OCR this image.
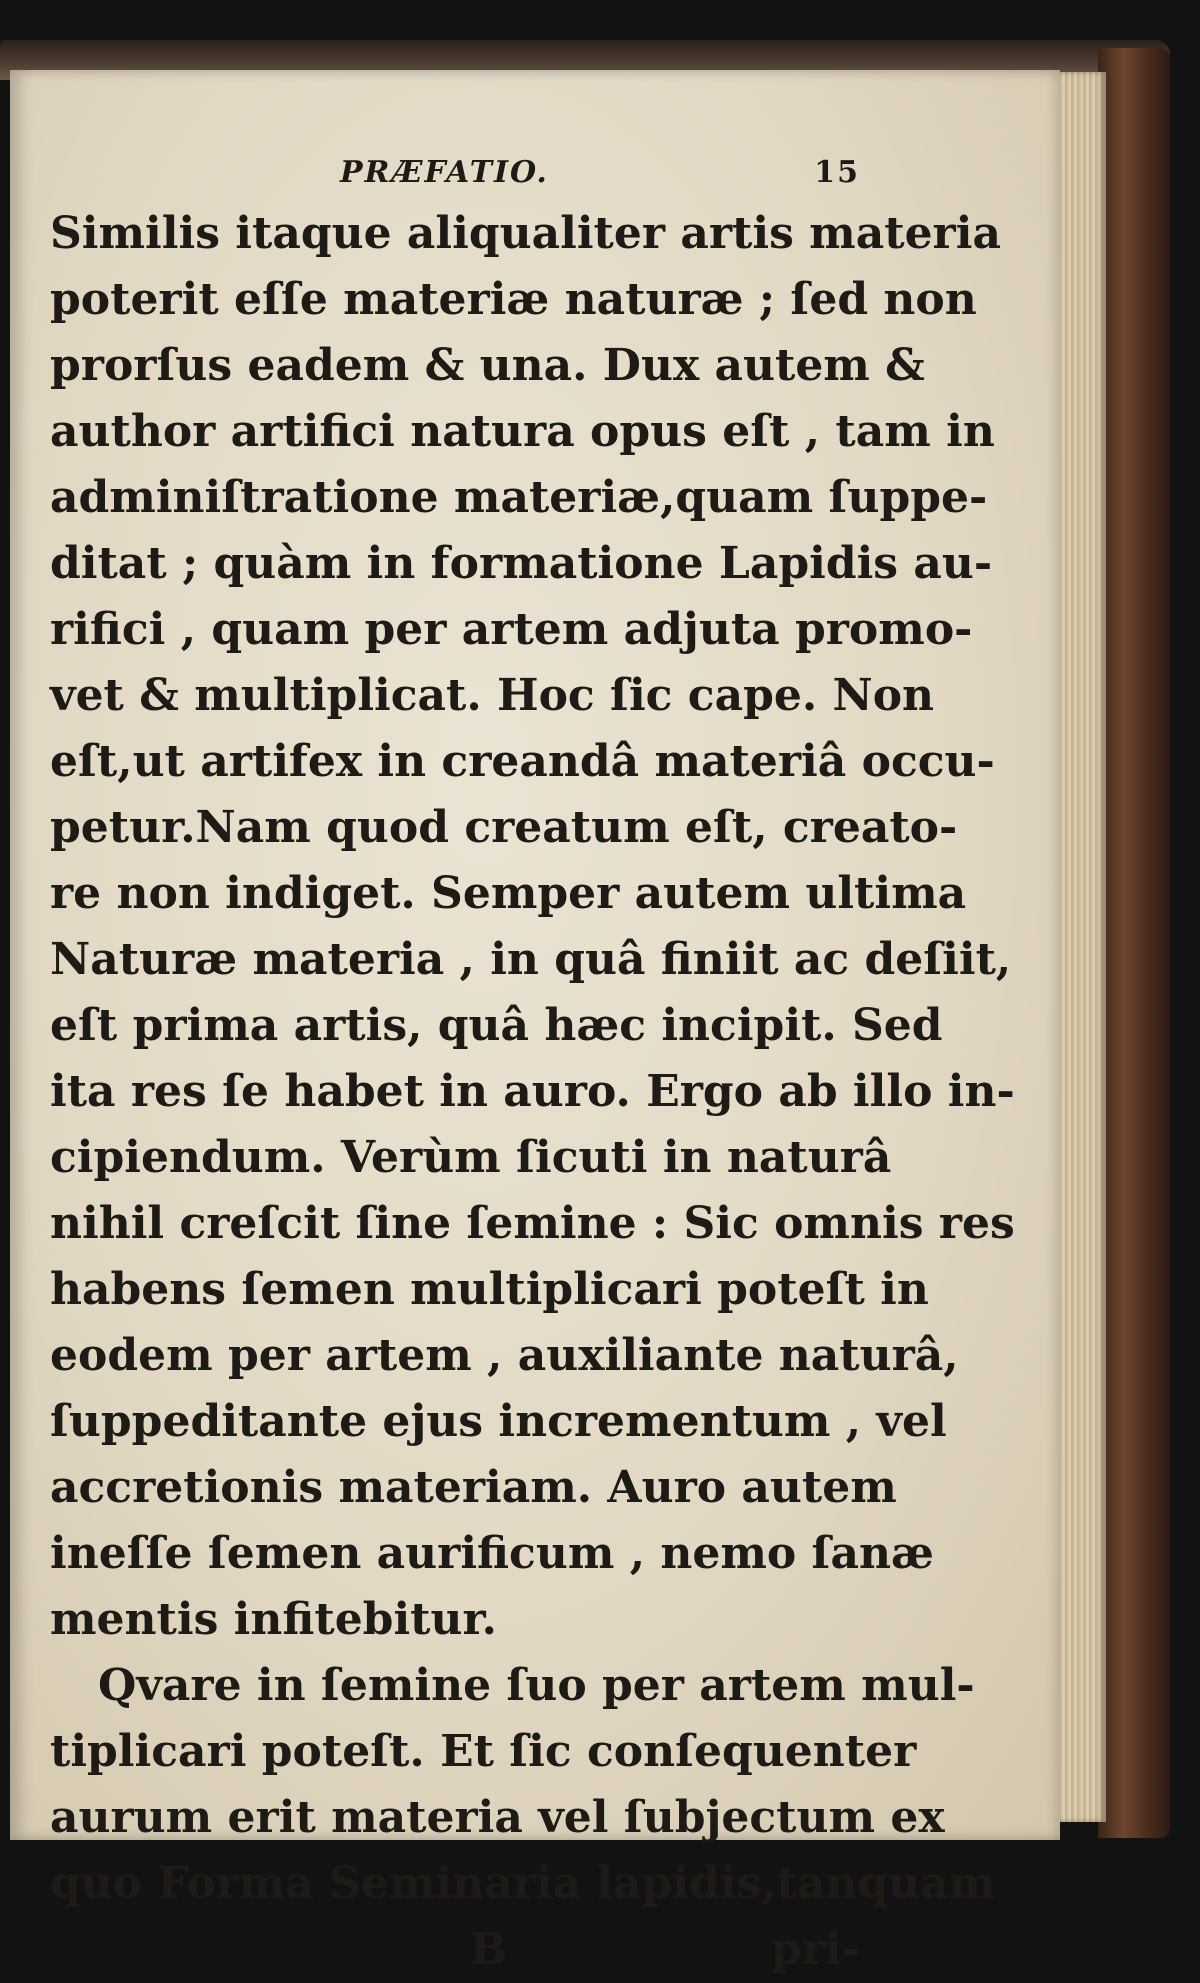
PRÆFATIO.	15
Similis itaque aliqualiter artis materia
poterit eſſe materiæ naturæ ; ſed non
prorſus eadem & una. Dux autem &
author artifici natura opus eſt , tam in
adminiſtratione materiæ,quam ſuppe-
ditat ; quàm in formatione Lapidis au-
rifici , quam per artem adjuta promo-
vet & multiplicat. Hoc ſic cape. Non
eſt,ut artifex in creandâ materiâ occu-
petur.Nam quod creatum eſt, creato-
re non indiget. Semper autem ultima
Naturæ materia , in quâ finiit ac deſiit,
eſt prima artis, quâ hæc incipit. Sed
ita res ſe habet in auro. Ergo ab illo in-
cipiendum. Verùm ſicuti in naturâ
nihil creſcit ſine ſemine : Sic omnis res
habens ſemen multiplicari poteſt in
eodem per artem , auxiliante naturâ,
ſuppeditante ejus incrementum , vel
accretionis materiam. Auro autem
ineſſe ſemen aurificum , nemo ſanæ
mentis infitebitur.
Qvare in ſemine ſuo per artem mul-
tiplicari poteſt. Et ſic conſequenter
aurum erit materia vel ſubjectum ex
quo Forma Seminaria lapidis,tanquam
B	pri-
